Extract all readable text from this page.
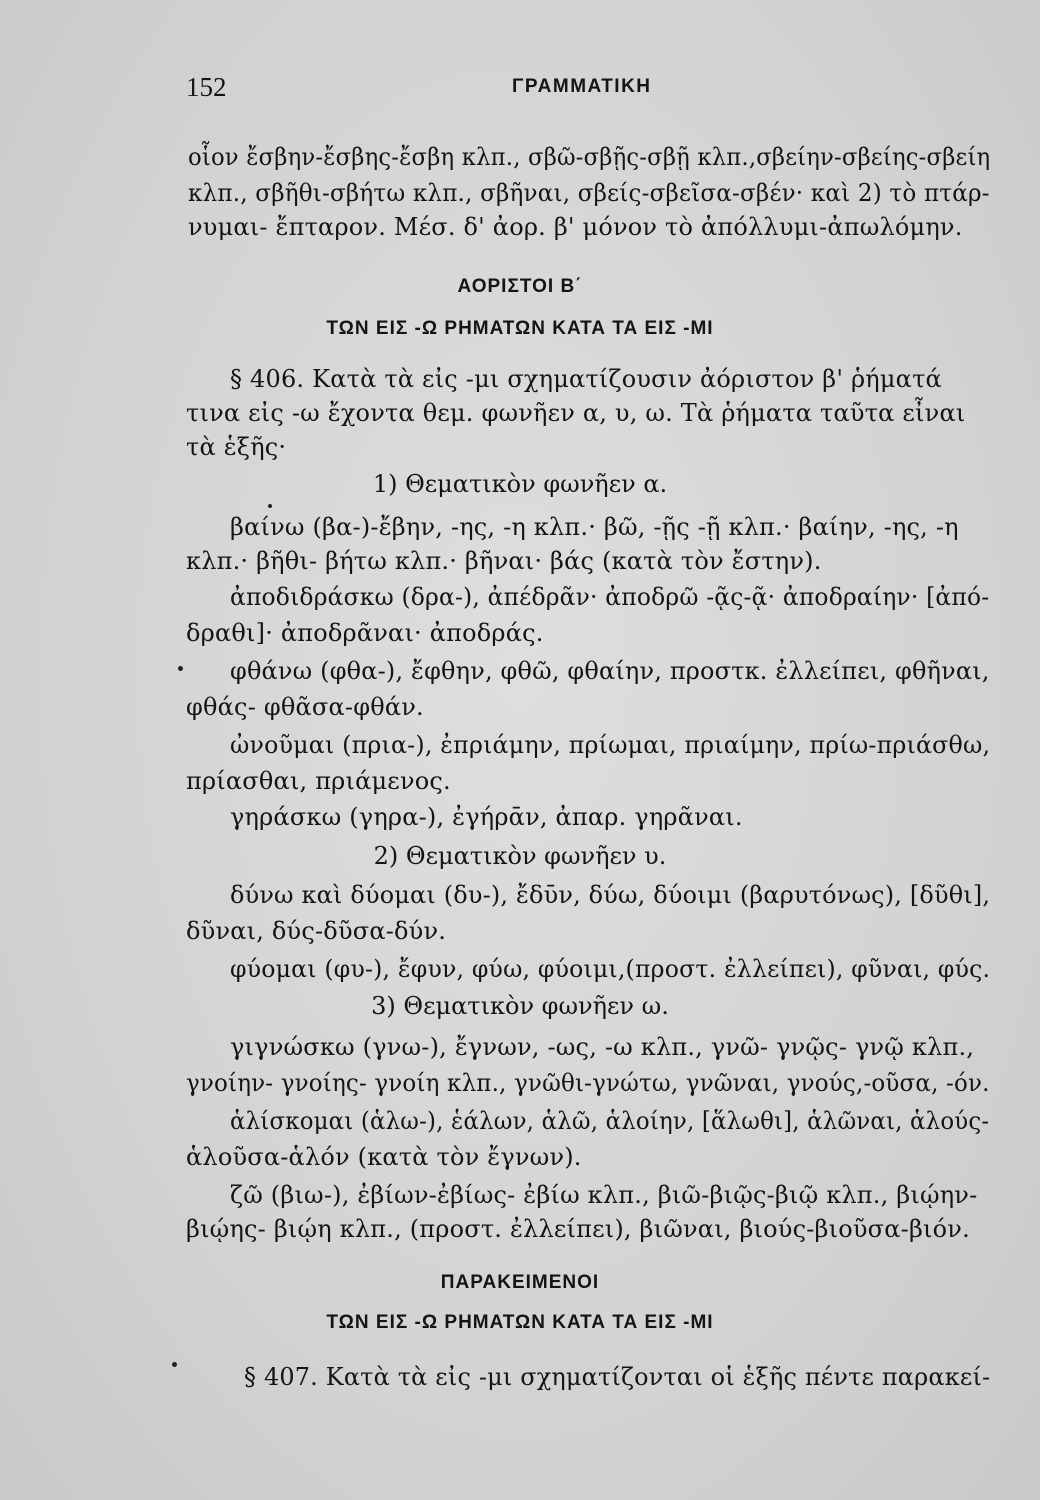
152	ΓΡΑΜΜΑΤΙΚΗ
οἷον ἔσβην-ἔσβης-ἔσβη κλπ., σβῶ-σβῇς-σβῇ κλπ.,σβείην-σβείης-σβείη
κλπ., σβῆθι-σβήτω κλπ., σβῆναι, σβείς-σβεῖσα-σβέν· καὶ 2) τὸ πτάρ-
νυμαι- ἔπταρον. Μέσ. δ' ἀορ. β' μόνον τὸ ἀπόλλυμι-ἀπωλόμην.
ΑΟΡΙΣΤΟΙ Β΄
ΤΩΝ ΕΙΣ -Ω ΡΗΜΑΤΩΝ ΚΑΤΑ ΤΑ ΕΙΣ -ΜΙ
§ 406. Κατὰ τὰ εἰς -μι σχηματίζουσιν ἀόριστον β' ῥήματά
τινα εἰς -ω ἔχοντα θεμ. φωνῆεν α, υ, ω. Τὰ ῥήματα ταῦτα εἶναι
τὰ ἑξῆς·
1) Θεματικὸν φωνῆεν α.
βαίνω (βα-)-ἔβην, -ης, -η κλπ.· βῶ, -ῇς -ῇ κλπ.· βαίην, -ης, -η
κλπ.· βῆθι- βήτω κλπ.· βῆναι· βάς (κατὰ τὸν ἔστην).
ἀποδιδράσκω (δρα-), ἀπέδρᾶν· ἀποδρῶ -ᾷς-ᾷ· ἀποδραίην· [ἀπό-
δραθι]· ἀποδρᾶναι· ἀποδράς.
φθάνω (φθα-), ἔφθην, φθῶ, φθαίην, προστκ. ἐλλείπει, φθῆναι,
φθάς- φθᾶσα-φθάν.
ὠνοῦμαι (πρια-), ἐπριάμην, πρίωμαι, πριαίμην, πρίω-πριάσθω,
πρίασθαι, πριάμενος.
γηράσκω (γηρα-), ἐγήρᾱν, ἀπαρ. γηρᾶναι.
2) Θεματικὸν φωνῆεν υ.
δύνω καὶ δύομαι (δυ-), ἔδῡν, δύω, δύοιμι (βαρυτόνως), [δῦθι],
δῦναι, δύς-δῦσα-δύν.
φύομαι (φυ-), ἔφυν, φύω, φύοιμι,(προστ. ἐλλείπει), φῦναι, φύς.
3) Θεματικὸν φωνῆεν ω.
γιγνώσκω (γνω-), ἔγνων, -ως, -ω κλπ., γνῶ- γνῷς- γνῷ κλπ.,
γνοίην- γνοίης- γνοίη κλπ., γνῶθι-γνώτω, γνῶναι, γνούς,-οῦσα, -όν.
ἁλίσκομαι (ἁλω-), ἑάλων, ἁλῶ, ἁλοίην, [ἅλωθι], ἁλῶναι, ἁλούς-
ἁλοῦσα-ἁλόν (κατὰ τὸν ἔγνων).
ζῶ (βιω-), ἐβίων-ἐβίως- ἐβίω κλπ., βιῶ-βιῷς-βιῷ κλπ., βιῴην-
βιῴης- βιῴη κλπ., (προστ. ἐλλείπει), βιῶναι, βιούς-βιοῦσα-βιόν.
ΠΑΡΑΚΕΙΜΕΝΟΙ
ΤΩΝ ΕΙΣ -Ω ΡΗΜΑΤΩΝ ΚΑΤΑ ΤΑ ΕΙΣ -ΜΙ
§ 407. Κατὰ τὰ εἰς -μι σχηματίζονται οἱ ἑξῆς πέντε παρακεί-
